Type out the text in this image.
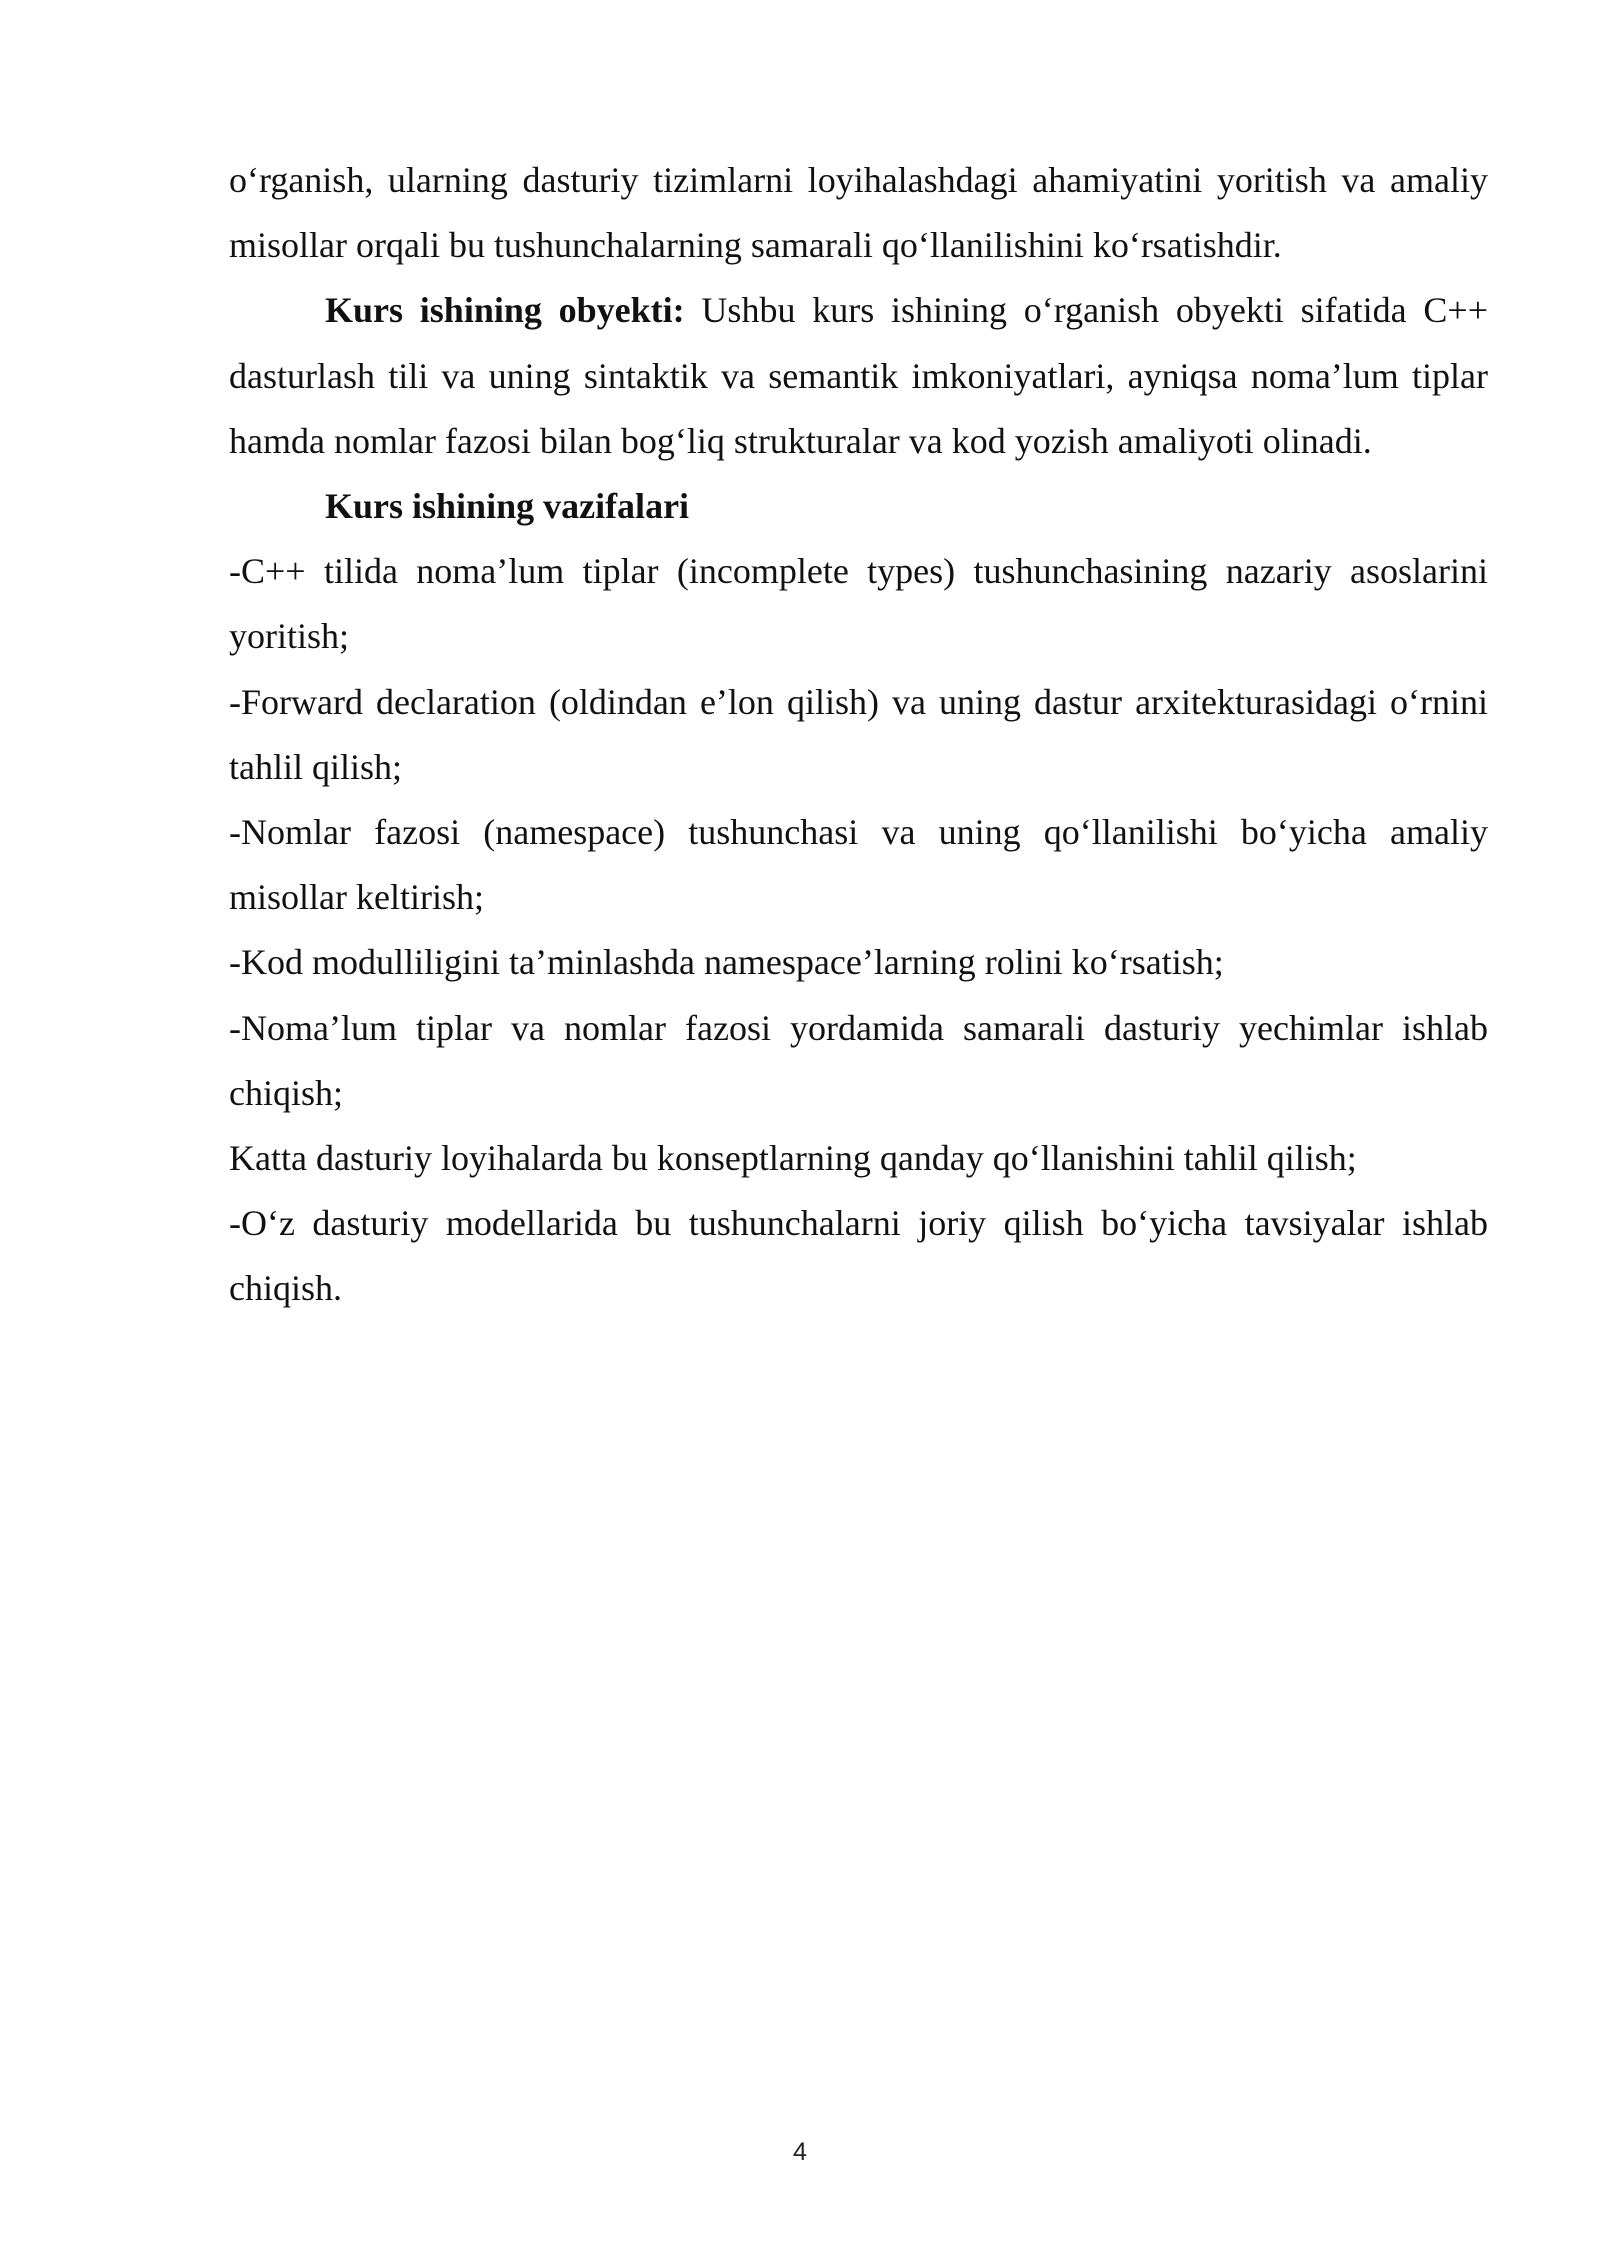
o‘rganish, ularning dasturiy tizimlarni loyihalashdagi ahamiyatini yoritish va amaliy misollar orqali bu tushunchalarning samarali qo‘llanilishini ko‘rsatishdir.

Kurs ishining obyekti: Ushbu kurs ishining o‘rganish obyekti sifatida C++ dasturlash tili va uning sintaktik va semantik imkoniyatlari, ayniqsa noma’lum tiplar hamda nomlar fazosi bilan bog‘liq strukturalar va kod yozish amaliyoti olinadi.

Kurs ishining vazifalari

-C++ tilida noma’lum tiplar (incomplete types) tushunchasining nazariy asoslarini yoritish;

-Forward declaration (oldindan e’lon qilish) va uning dastur arxitekturasidagi o‘rnini tahlil qilish;

-Nomlar fazosi (namespace) tushunchasi va uning qo‘llanilishi bo‘yicha amaliy misollar keltirish;

-Kod modulliligini ta’minlashda namespace’larning rolini ko‘rsatish;

-Noma’lum tiplar va nomlar fazosi yordamida samarali dasturiy yechimlar ishlab chiqish;

Katta dasturiy loyihalarda bu konseptlarning qanday qo‘llanishini tahlil qilish;

-O‘z dasturiy modellarida bu tushunchalarni joriy qilish bo‘yicha tavsiyalar ishlab chiqish.

4
